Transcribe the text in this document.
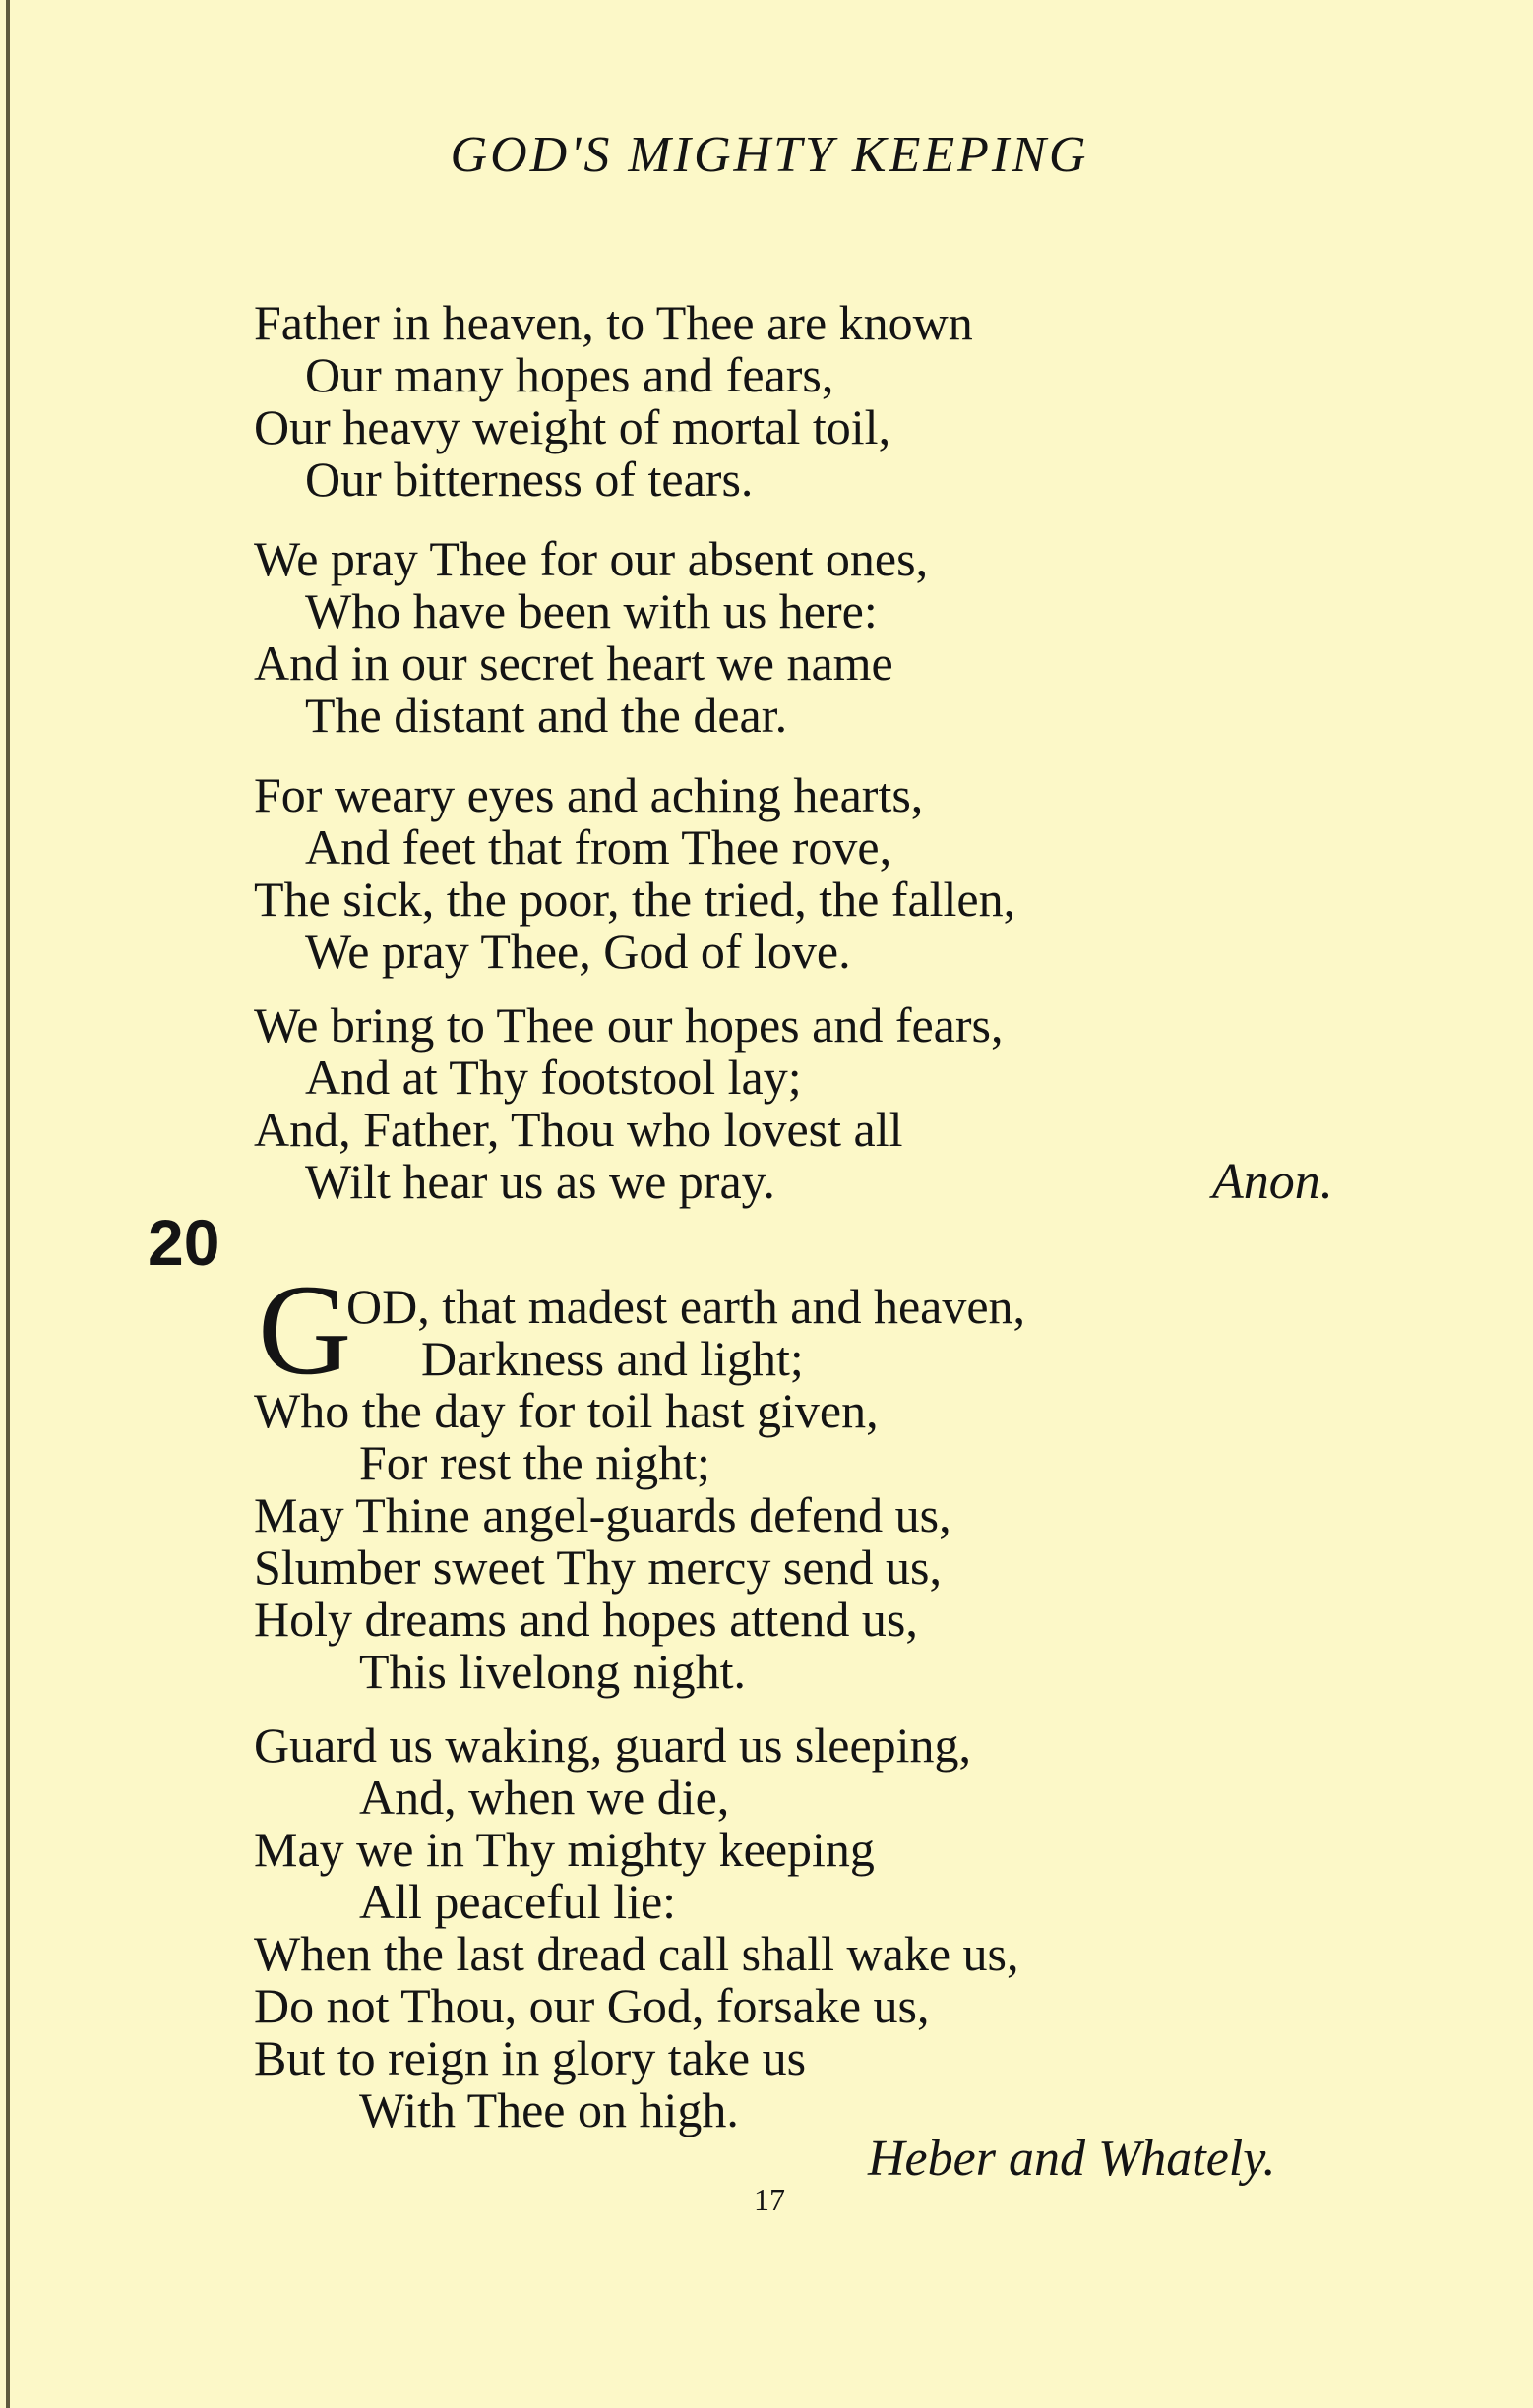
GOD'S MIGHTY KEEPING
Father in heaven, to Thee are known
Our many hopes and fears,
Our heavy weight of mortal toil,
Our bitterness of tears.
We pray Thee for our absent ones,
Who have been with us here:
And in our secret heart we name
The distant and the dear.
For weary eyes and aching hearts,
And feet that from Thee rove,
The sick, the poor, the tried, the fallen,
We pray Thee, God of love.
We bring to Thee our hopes and fears,
And at Thy footstool lay;
And, Father, Thou who lovest all
Wilt hear us as we pray.	Anon.
20
G
OD, that madest earth and heaven,
Darkness and light;
Who the day for toil hast given,
For rest the night;
May Thine angel-guards defend us,
Slumber sweet Thy mercy send us,
Holy dreams and hopes attend us,
This livelong night.
Guard us waking, guard us sleeping,
And, when we die,
May we in Thy mighty keeping
All peaceful lie:
When the last dread call shall wake us,
Do not Thou, our God, forsake us,
But to reign in glory take us
With Thee on high.
Heber and Whately.
17
